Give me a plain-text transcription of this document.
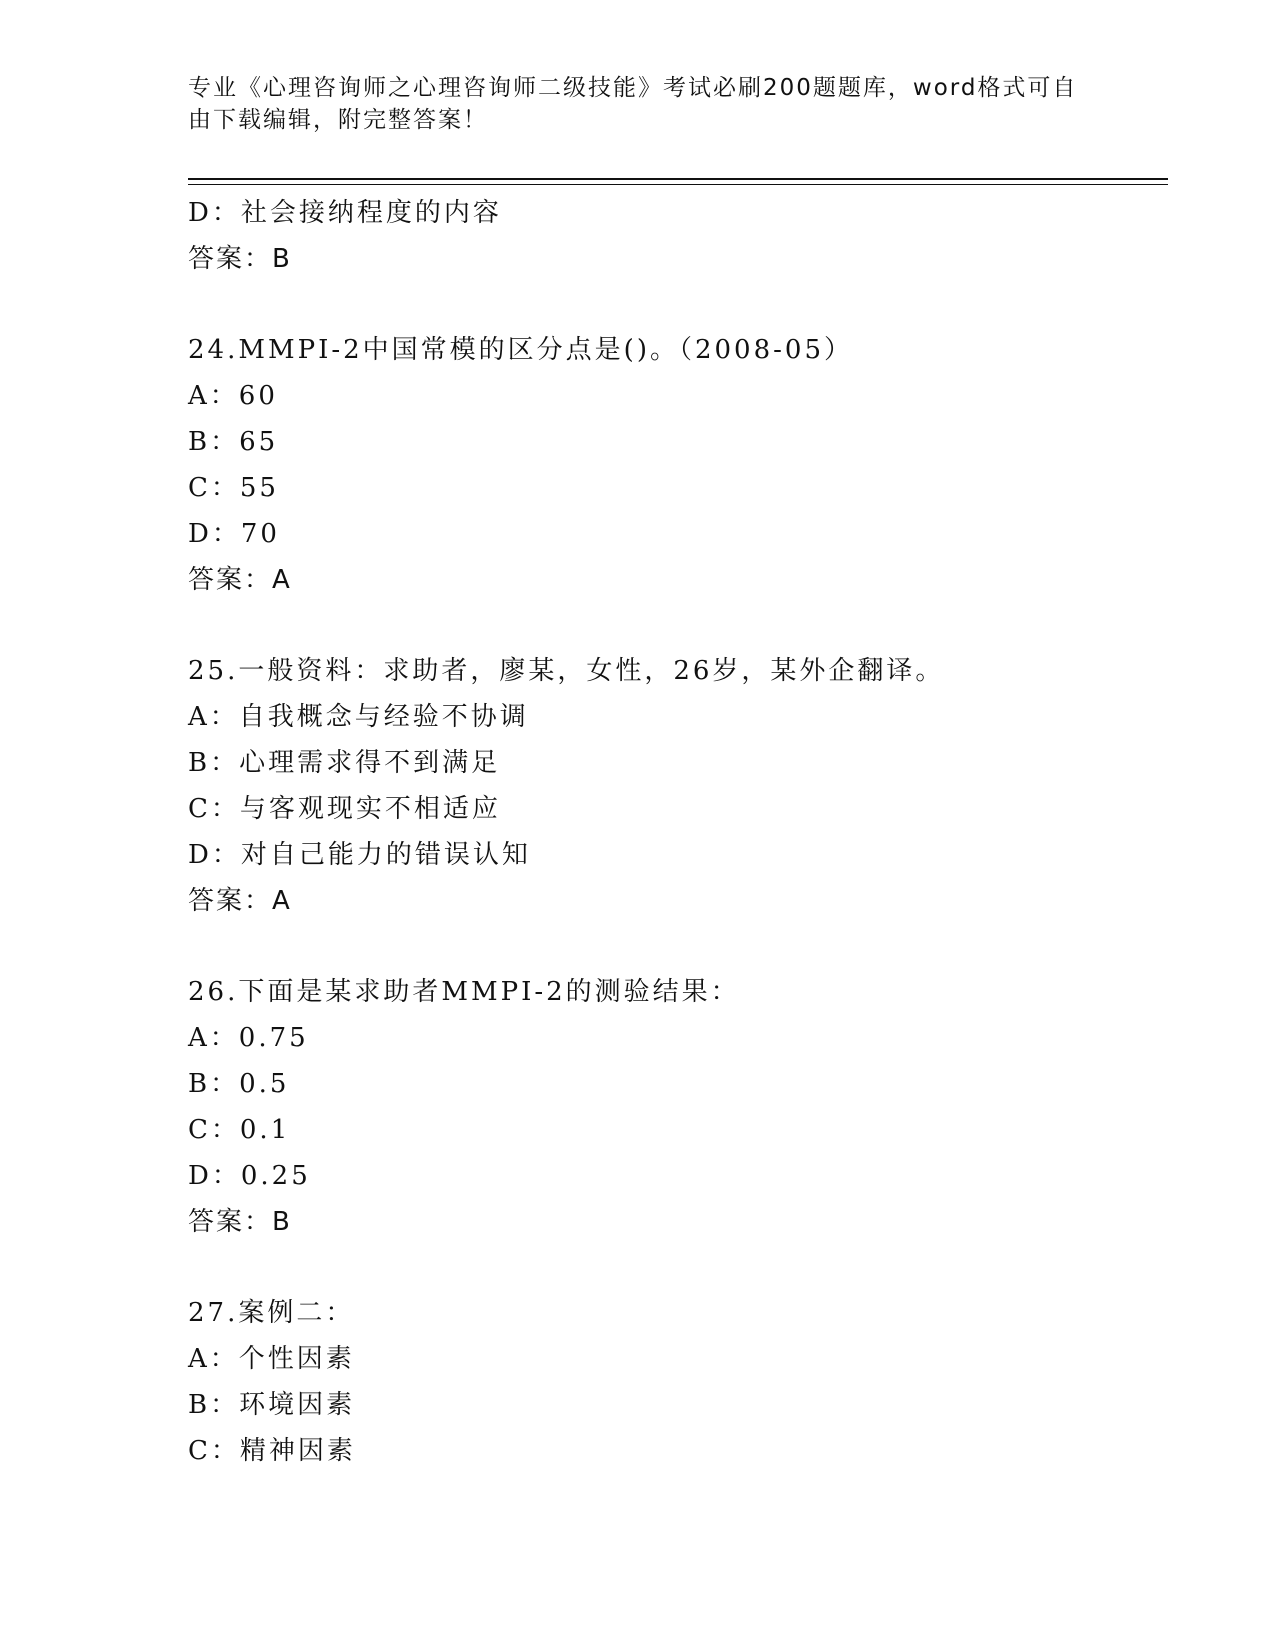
专业《心理咨询师之心理咨询师二级技能》考试必刷200题题库，word格式可自
由下载编辑，附完整答案！
D：社会接纳程度的内容
答案：B
24.MMPI-2中国常模的区分点是()。（2008-05）
A：60
B：65
C：55
D：70
答案：A
25.一般资料：求助者，廖某，女性，26岁，某外企翻译。
A：自我概念与经验不协调
B：心理需求得不到满足
C：与客观现实不相适应
D：对自己能力的错误认知
答案：A
26.下面是某求助者MMPI-2的测验结果：
A：0.75
B：0.5
C：0.1
D：0.25
答案：B
27.案例二：
A：个性因素
B：环境因素
C：精神因素
